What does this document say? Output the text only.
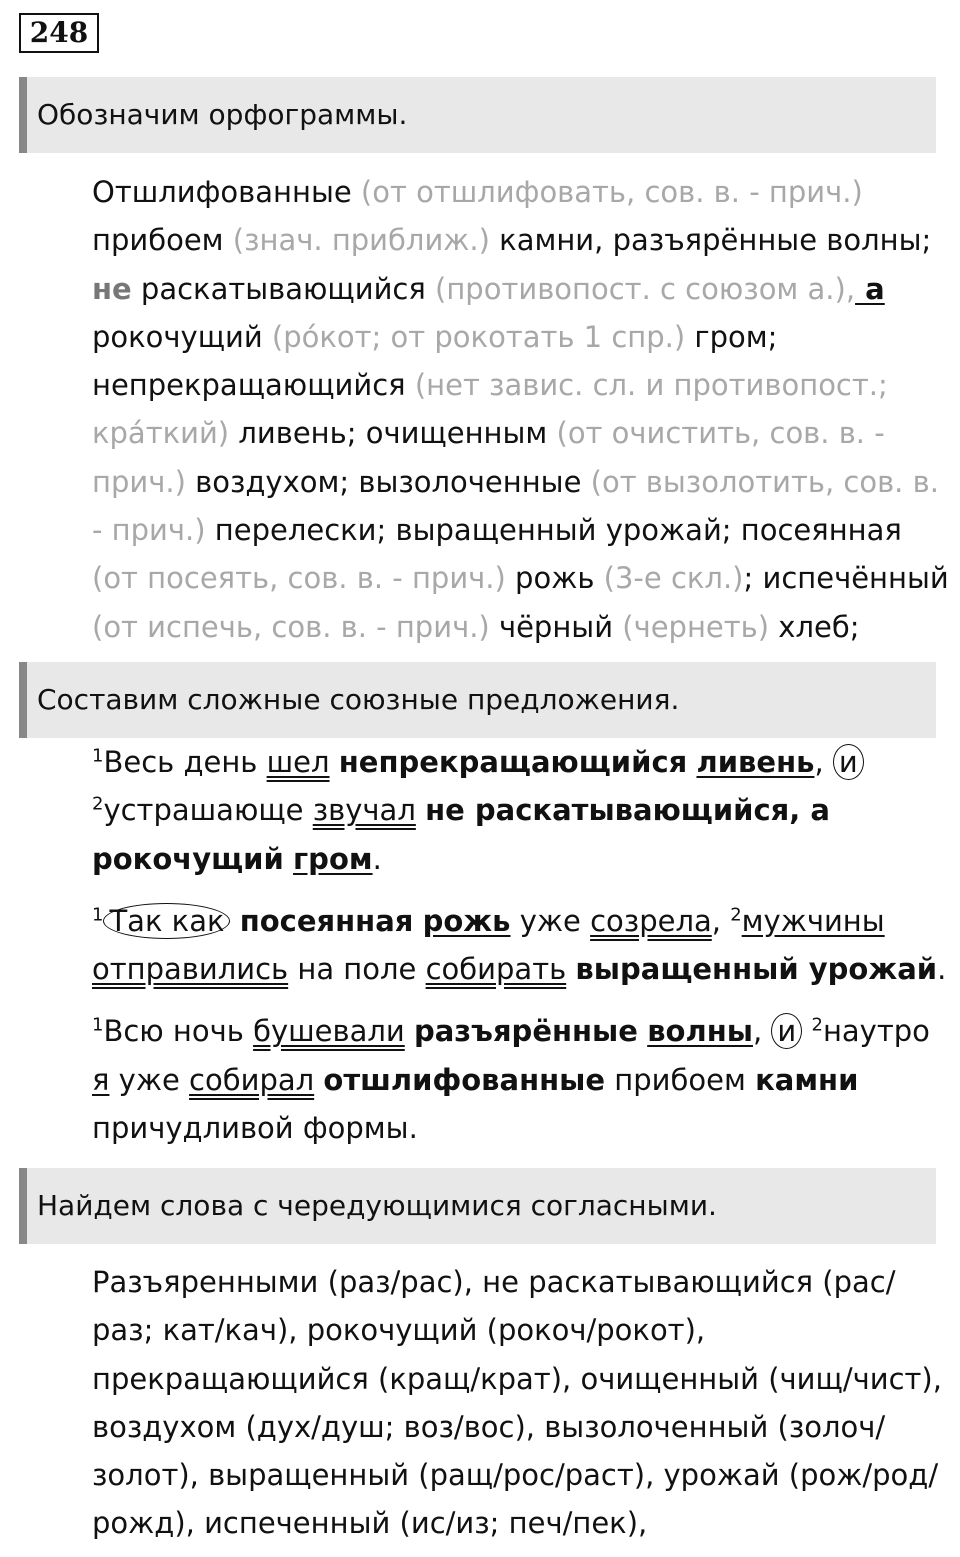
248
Обозначим орфограммы.

Отшлифованные (от отшлифовать, сов. в. - прич.) прибоем (знач. приближ.) камни, разъярённые волны; не раскатывающийся (противопост. с союзом а.), а рокочущий (ро́кот; от рокотать 1 спр.) гром; непрекращающийся (нет завис. сл. и противопост.; кра́ткий) ливень; очищенным (от очистить, сов. в. - прич.) воздухом; вызолоченные (от вызолотить, сов. в. - прич.) перелески; выращенный урожай; посеянная (от посеять, сов. в. - прич.) рожь (3-е скл.); испечённый (от испечь, сов. в. - прич.) чёрный (чернеть) хлеб;

Составим сложные союзные предложения.

$^1$Весь день шел непрекращающийся ливень, и $^2$устрашающе звучал не раскатывающийся, а рокочущий гром.

$^1$ Так как посеянная рожь уже созрела, $^2$мужчины отправились на поле собирать выращенный урожай.

$^1$Всю ночь бушевали разъярённые волны, и $^2$наутро я уже собирал отшлифованные прибоем камни причудливой формы.

Найдем слова с чередующимися согласными.

Разъяренными (раз/рас), не раскатывающийся (рас/раз; кат/кач), рокочущий (рокоч/рокот), прекращающийся (кращ/крат), очищенный (чищ/чист), воздухом (дух/душ; воз/вос), вызолоченный (золоч/золот), выращенный (ращ/рос/раст), урожай (рож/род/рожд), испеченный (ис/из; печ/пек),
